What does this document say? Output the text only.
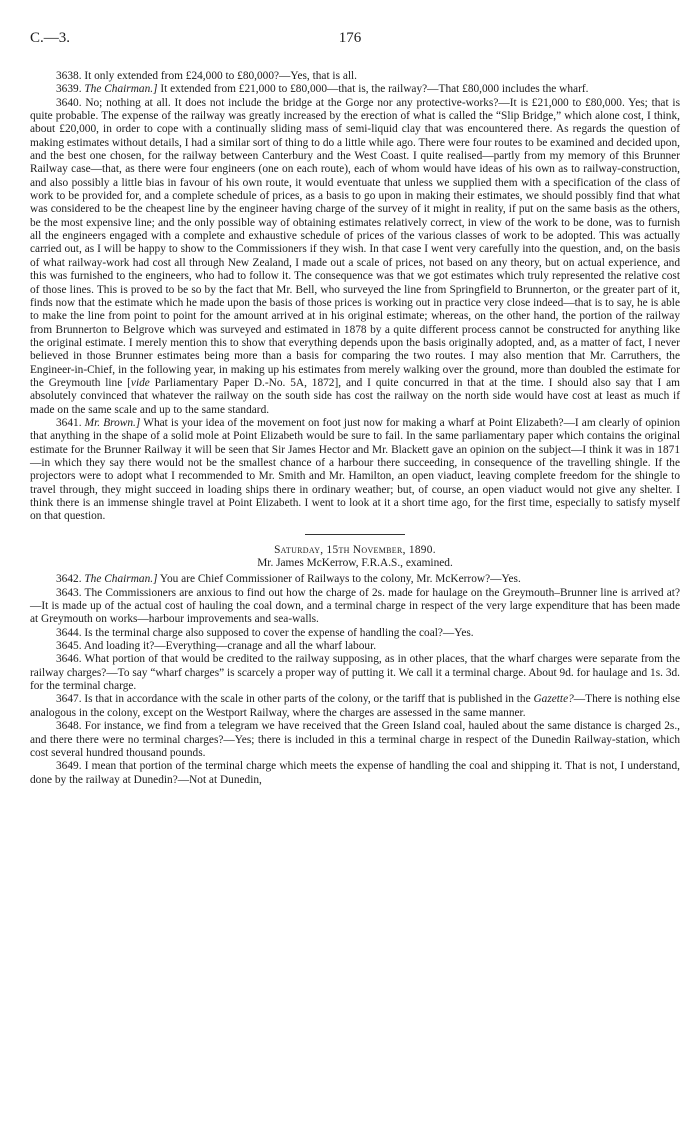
C.—3.	176

3638. It only extended from £24,000 to £80,000?—Yes, that is all.

3639. The Chairman.] It extended from £21,000 to £80,000—that is, the railway?—That £80,000 includes the wharf.

3640. No; nothing at all. It does not include the bridge at the Gorge nor any protective-works?—It is £21,000 to £80,000. Yes; that is quite probable. The expense of the railway was greatly increased by the erection of what is called the “Slip Bridge,” which alone cost, I think, about £20,000, in order to cope with a continually sliding mass of semi-liquid clay that was encountered there. As regards the question of making estimates without details, I had a similar sort of thing to do a little while ago. There were four routes to be examined and decided upon, and the best one chosen, for the railway between Canterbury and the West Coast. I quite realised—partly from my memory of this Brunner Railway case—that, as there were four engineers (one on each route), each of whom would have ideas of his own as to railway-construction, and also possibly a little bias in favour of his own route, it would eventuate that unless we supplied them with a specification of the class of work to be provided for, and a complete schedule of prices, as a basis to go upon in making their estimates, we should possibly find that what was considered to be the cheapest line by the engineer having charge of the survey of it might in reality, if put on the same basis as the others, be the most expensive line; and the only possible way of obtaining estimates relatively correct, in view of the work to be done, was to furnish all the engineers engaged with a complete and exhaustive schedule of prices of the various classes of work to be adopted. This was actually carried out, as I will be happy to show to the Commissioners if they wish. In that case I went very carefully into the question, and, on the basis of what railway-work had cost all through New Zealand, I made out a scale of prices, not based on any theory, but on actual experience, and this was furnished to the engineers, who had to follow it. The consequence was that we got estimates which truly represented the relative cost of those lines. This is proved to be so by the fact that Mr. Bell, who surveyed the line from Springfield to Brunnerton, or the greater part of it, finds now that the estimate which he made upon the basis of those prices is working out in practice very close indeed—that is to say, he is able to make the line from point to point for the amount arrived at in his original estimate; whereas, on the other hand, the portion of the railway from Brunnerton to Belgrove which was surveyed and estimated in 1878 by a quite different process cannot be constructed for anything like the original estimate. I merely mention this to show that everything depends upon the basis originally adopted, and, as a matter of fact, I never believed in those Brunner estimates being more than a basis for comparing the two routes. I may also mention that Mr. Carruthers, the Engineer-in-Chief, in the following year, in making up his estimates from merely walking over the ground, more than doubled the estimate for the Greymouth line [vide Parliamentary Paper D.-No. 5A, 1872], and I quite concurred in that at the time. I should also say that I am absolutely convinced that whatever the railway on the south side has cost the railway on the north side would have cost at least as much if made on the same scale and up to the same standard.

3641. Mr. Brown.] What is your idea of the movement on foot just now for making a wharf at Point Elizabeth?—I am clearly of opinion that anything in the shape of a solid mole at Point Elizabeth would be sure to fail. In the same parliamentary paper which contains the original estimate for the Brunner Railway it will be seen that Sir James Hector and Mr. Blackett gave an opinion on the subject—I think it was in 1871—in which they say there would not be the smallest chance of a harbour there succeeding, in consequence of the travelling shingle. If the projectors were to adopt what I recommended to Mr. Smith and Mr. Hamilton, an open viaduct, leaving complete freedom for the shingle to travel through, they might succeed in loading ships there in ordinary weather; but, of course, an open viaduct would not give any shelter. I think there is an immense shingle travel at Point Elizabeth. I went to look at it a short time ago, for the first time, especially to satisfy myself on that question.

Saturday, 15th November, 1890.

Mr. James McKerrow, F.R.A.S., examined.

3642. The Chairman.] You are Chief Commissioner of Railways to the colony, Mr. McKerrow?—Yes.

3643. The Commissioners are anxious to find out how the charge of 2s. made for haulage on the Greymouth–Brunner line is arrived at?—It is made up of the actual cost of hauling the coal down, and a terminal charge in respect of the very large expenditure that has been made at Greymouth on works—harbour improvements and sea-walls.

3644. Is the terminal charge also supposed to cover the expense of handling the coal?—Yes.

3645. And loading it?—Everything—cranage and all the wharf labour.

3646. What portion of that would be credited to the railway supposing, as in other places, that the wharf charges were separate from the railway charges?—To say “wharf charges” is scarcely a proper way of putting it. We call it a terminal charge. About 9d. for haulage and 1s. 3d. for the terminal charge.

3647. Is that in accordance with the scale in other parts of the colony, or the tariff that is published in the Gazette?—There is nothing else analogous in the colony, except on the Westport Railway, where the charges are assessed in the same manner.

3648. For instance, we find from a telegram we have received that the Green Island coal, hauled about the same distance is charged 2s., and there there were no terminal charges?—Yes; there is included in this a terminal charge in respect of the Dunedin Railway-station, which cost several hundred thousand pounds.

3649. I mean that portion of the terminal charge which meets the expense of handling the coal and shipping it. That is not, I understand, done by the railway at Dunedin?—Not at Dunedin,
